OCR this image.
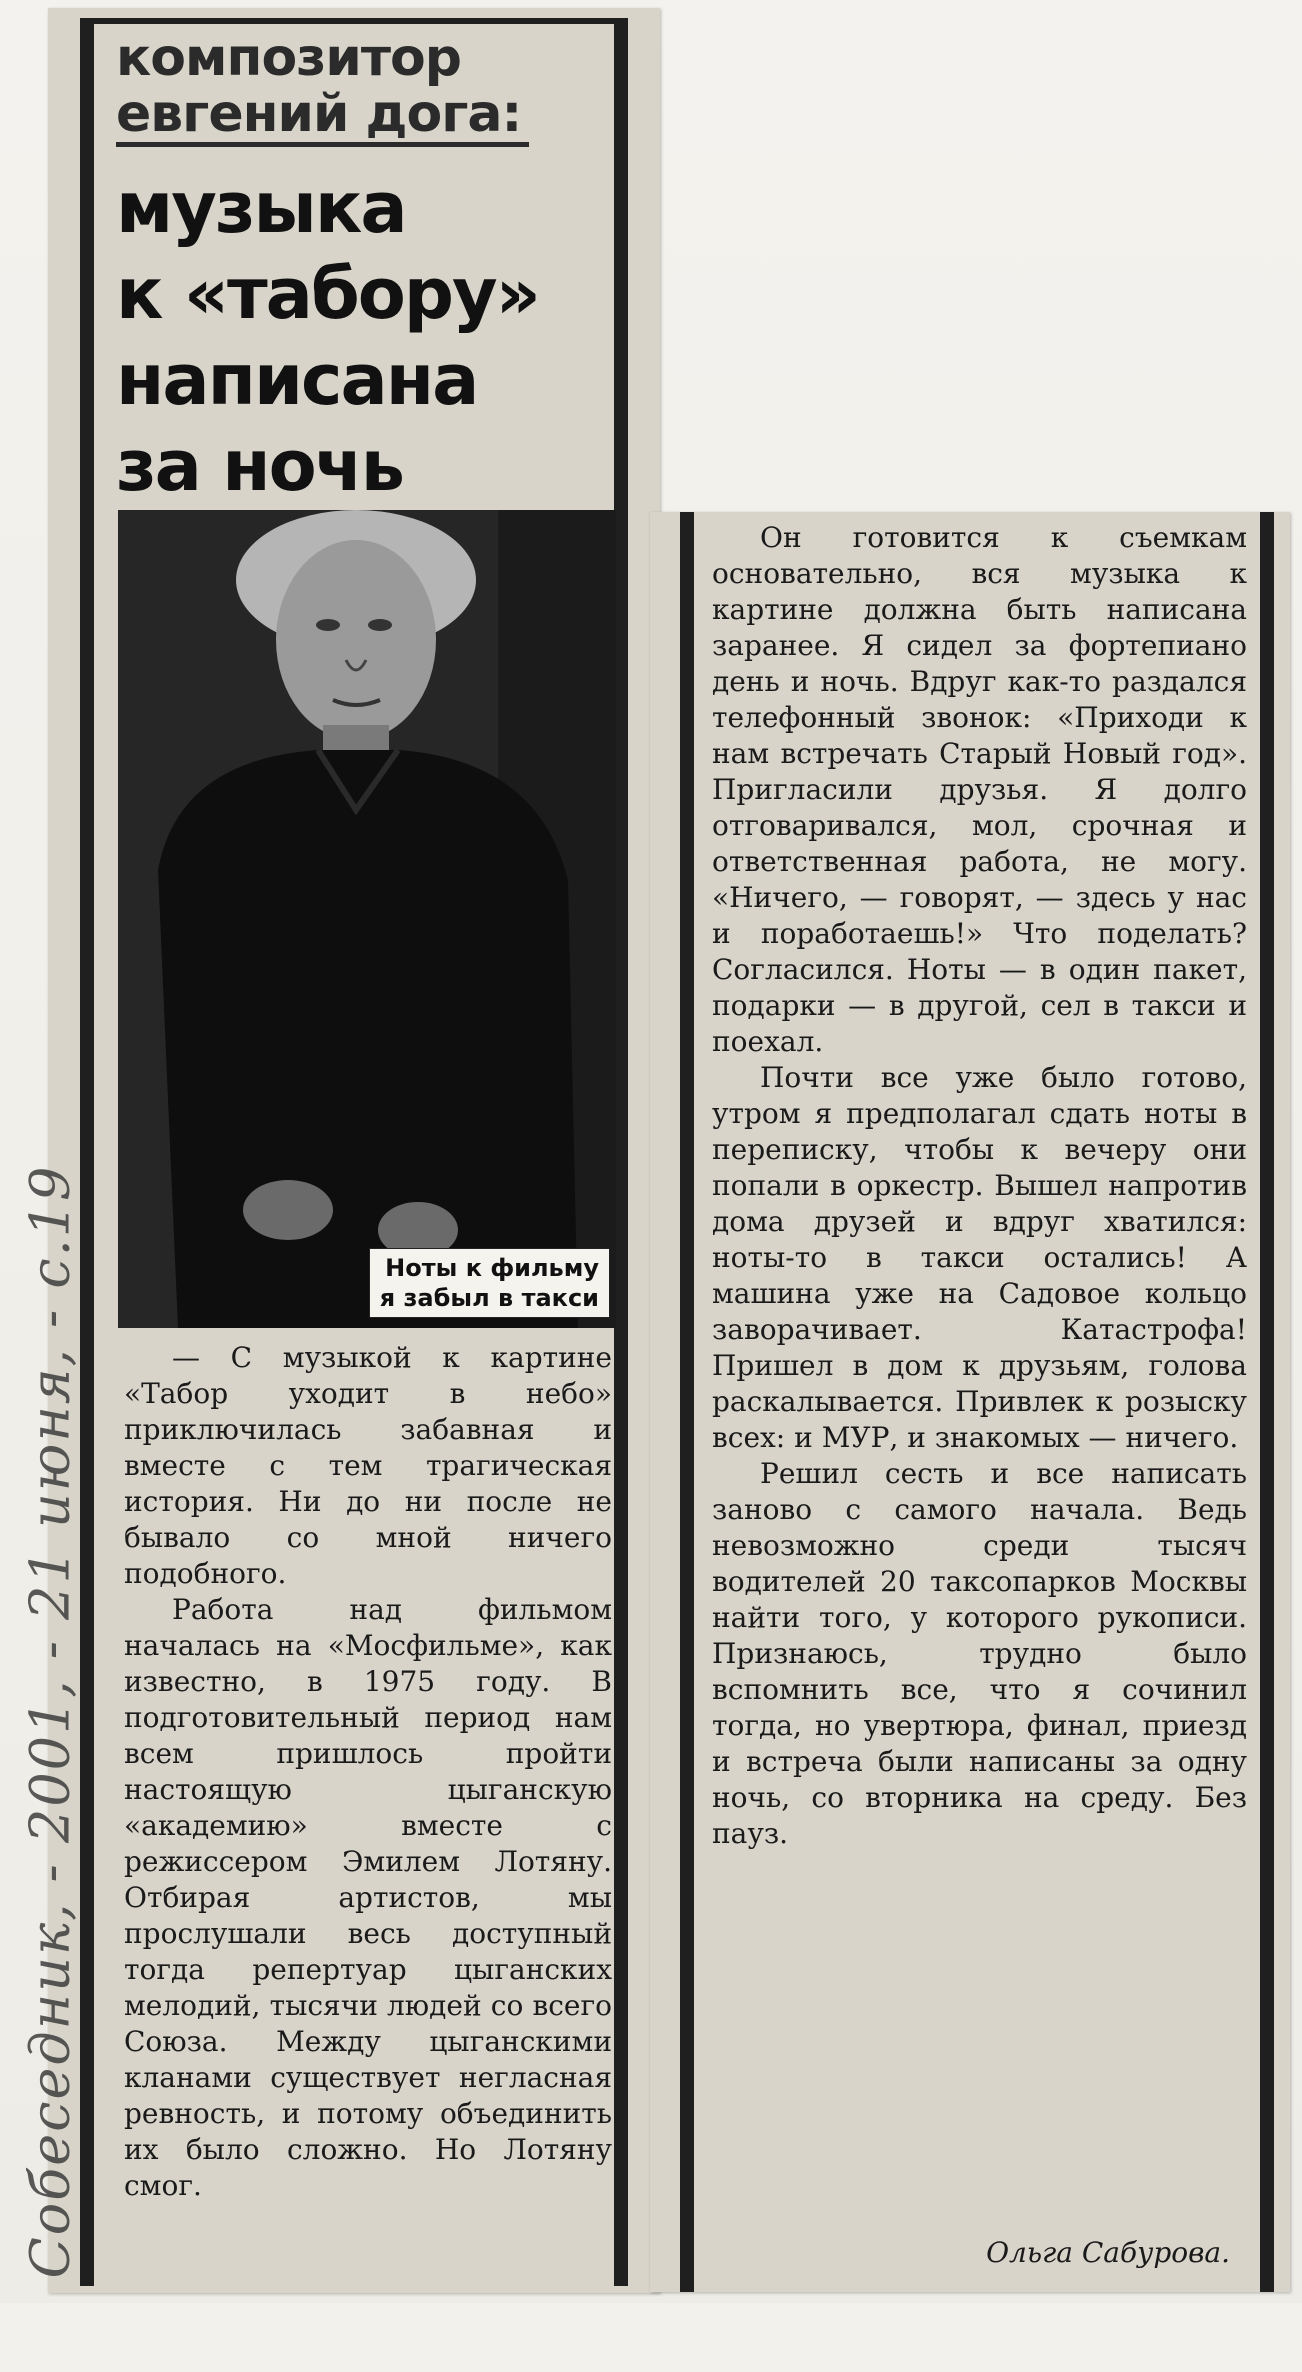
Собеседник, - 2001, - 21 июня, - с.19
композитор
евгений дога:
музыка
к «табору»
написана
за ночь
Ноты к фильму
я забыл в такси

— С музыкой к картине «Табор уходит в небо» приключилась забавная и вместе с тем трагическая история. Ни до ни после не бывало со мной ничего подобного.

Работа над фильмом началась на «Мосфильме», как известно, в 1975 году. В подготовительный период нам всем пришлось пройти настоящую цыганскую «академию» вместе с режиссером Эмилем Лотяну. Отбирая артистов, мы прослушали весь доступный тогда репертуар цыганских мелодий, тысячи людей со всего Союза. Между цыганскими кланами существует негласная ревность, и потому объединить их было сложно. Но Лотяну смог.

Он готовится к съемкам основательно, вся музыка к картине должна быть написана заранее. Я сидел за фортепиано день и ночь. Вдруг как-то раздался телефонный звонок: «Приходи к нам встречать Старый Новый год». Пригласили друзья. Я долго отговаривался, мол, срочная и ответственная работа, не могу. «Ничего, — говорят, — здесь у нас и поработаешь!» Что поделать? Согласился. Ноты — в один пакет, подарки — в другой, сел в такси и поехал.

Почти все уже было готово, утром я предполагал сдать ноты в переписку, чтобы к вечеру они попали в оркестр. Вышел напротив дома друзей и вдруг хватился: ноты-то в такси остались! А машина уже на Садовое кольцо заворачивает. Катастрофа! Пришел в дом к друзьям, голова раскалывается. Привлек к розыску всех: и МУР, и знакомых — ничего.

Решил сесть и все написать заново с самого начала. Ведь невозможно среди тысяч водителей 20 таксопарков Москвы найти того, у которого рукописи. Признаюсь, трудно было вспомнить все, что я сочинил тогда, но увертюра, финал, приезд и встреча были написаны за одну ночь, со вторника на среду. Без пауз.

Ольга Сабурова.
